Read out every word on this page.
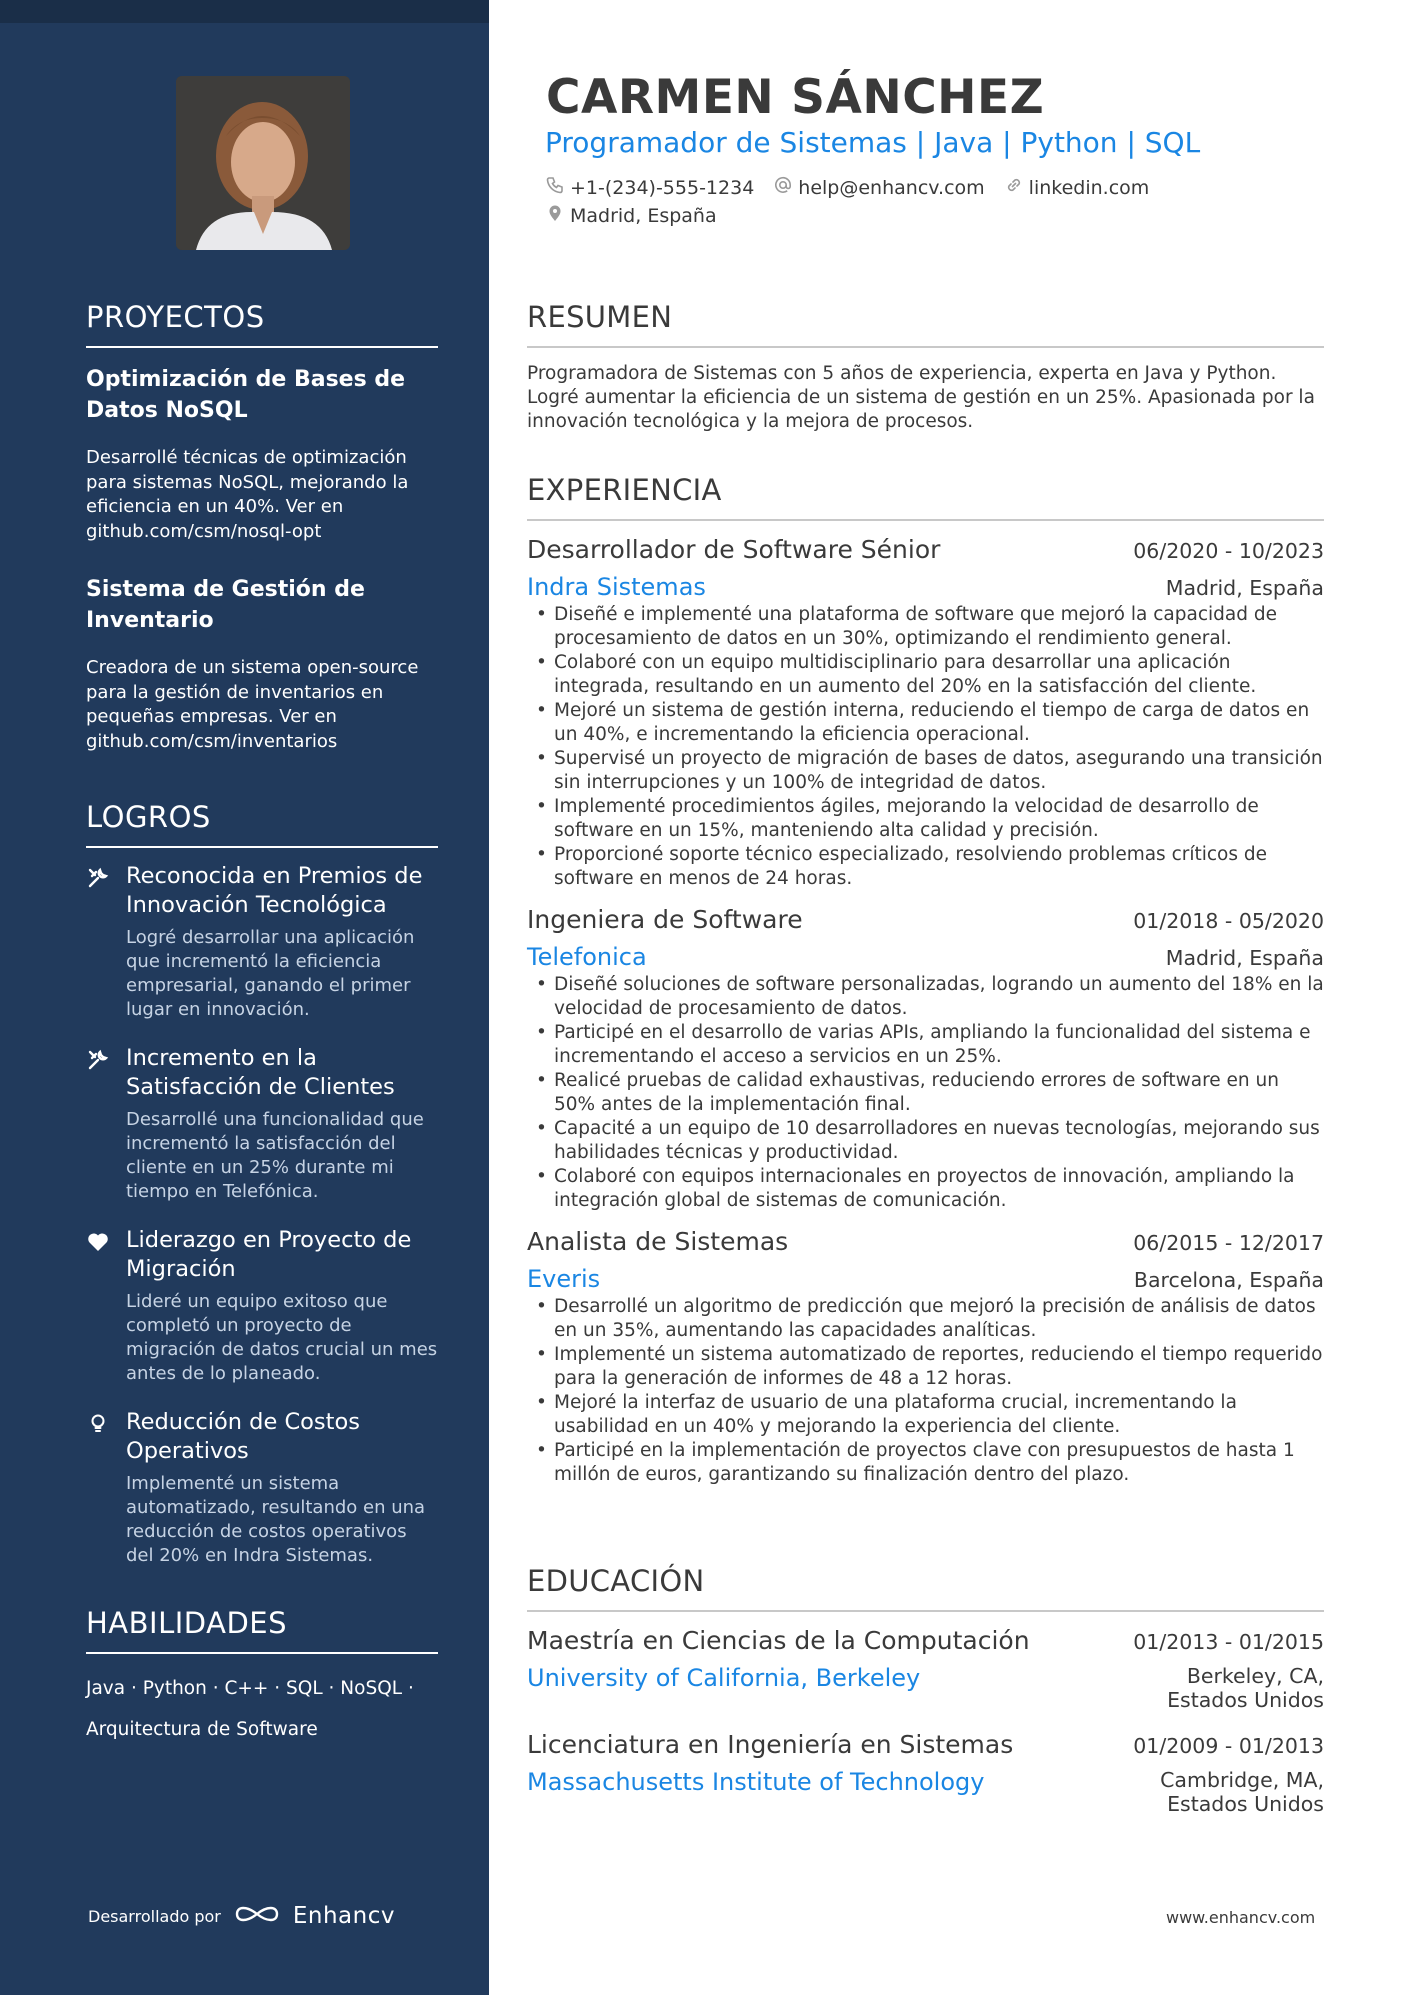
PROYECTOS
Optimización de Bases de Datos NoSQL
Desarrollé técnicas de optimización para sistemas NoSQL, mejorando la eficiencia en un 40%. Ver en github.com/csm/nosql-opt
Sistema de Gestión de Inventario
Creadora de un sistema open-source para la gestión de inventarios en pequeñas empresas. Ver en github.com/csm/inventarios
LOGROS
Reconocida en Premios de Innovación Tecnológica
Logré desarrollar una aplicación que incrementó la eficiencia empresarial, ganando el primer lugar en innovación.
Incremento en la Satisfacción de Clientes
Desarrollé una funcionalidad que incrementó la satisfacción del cliente en un 25% durante mi tiempo en Telefónica.
Liderazgo en Proyecto de Migración
Lideré un equipo exitoso que completó un proyecto de migración de datos crucial un mes antes de lo planeado.
Reducción de Costos Operativos
Implementé un sistema automatizado, resultando en una reducción de costos operativos del 20% en Indra Sistemas.
HABILIDADES
Java · Python · C++ · SQL · NoSQL ·
Arquitectura de Software
Desarrollado por	Enhancv
CARMEN SÁNCHEZ
Programador de Sistemas | Java | Python | SQL
+1-(234)-555-1234 help@enhancv.com linkedin.com
Madrid, España
RESUMEN
Programadora de Sistemas con 5 años de experiencia, experta en Java y Python. Logré aumentar la eficiencia de un sistema de gestión en un 25%. Apasionada por la innovación tecnológica y la mejora de procesos.
EXPERIENCIA
Desarrollador de Software Sénior	06/2020 - 10/2023
Indra Sistemas	Madrid, España
• Diseñé e implementé una plataforma de software que mejoró la capacidad de procesamiento de datos en un 30%, optimizando el rendimiento general.
• Colaboré con un equipo multidisciplinario para desarrollar una aplicación integrada, resultando en un aumento del 20% en la satisfacción del cliente.
• Mejoré un sistema de gestión interna, reduciendo el tiempo de carga de datos en un 40%, e incrementando la eficiencia operacional.
• Supervisé un proyecto de migración de bases de datos, asegurando una transición sin interrupciones y un 100% de integridad de datos.
• Implementé procedimientos ágiles, mejorando la velocidad de desarrollo de software en un 15%, manteniendo alta calidad y precisión.
• Proporcioné soporte técnico especializado, resolviendo problemas críticos de software en menos de 24 horas.
Ingeniera de Software	01/2018 - 05/2020
Telefonica	Madrid, España
• Diseñé soluciones de software personalizadas, logrando un aumento del 18% en la velocidad de procesamiento de datos.
• Participé en el desarrollo de varias APIs, ampliando la funcionalidad del sistema e incrementando el acceso a servicios en un 25%.
• Realicé pruebas de calidad exhaustivas, reduciendo errores de software en un 50% antes de la implementación final.
• Capacité a un equipo de 10 desarrolladores en nuevas tecnologías, mejorando sus habilidades técnicas y productividad.
• Colaboré con equipos internacionales en proyectos de innovación, ampliando la integración global de sistemas de comunicación.
Analista de Sistemas	06/2015 - 12/2017
Everis	Barcelona, España
• Desarrollé un algoritmo de predicción que mejoró la precisión de análisis de datos en un 35%, aumentando las capacidades analíticas.
• Implementé un sistema automatizado de reportes, reduciendo el tiempo requerido para la generación de informes de 48 a 12 horas.
• Mejoré la interfaz de usuario de una plataforma crucial, incrementando la usabilidad en un 40% y mejorando la experiencia del cliente.
• Participé en la implementación de proyectos clave con presupuestos de hasta 1 millón de euros, garantizando su finalización dentro del plazo.
EDUCACIÓN
Maestría en Ciencias de la Computación	01/2013 - 01/2015
University of California, Berkeley	Berkeley, CA,
Estados Unidos
Licenciatura en Ingeniería en Sistemas	01/2009 - 01/2013
Massachusetts Institute of Technology	Cambridge, MA,
Estados Unidos
www.enhancv.com
